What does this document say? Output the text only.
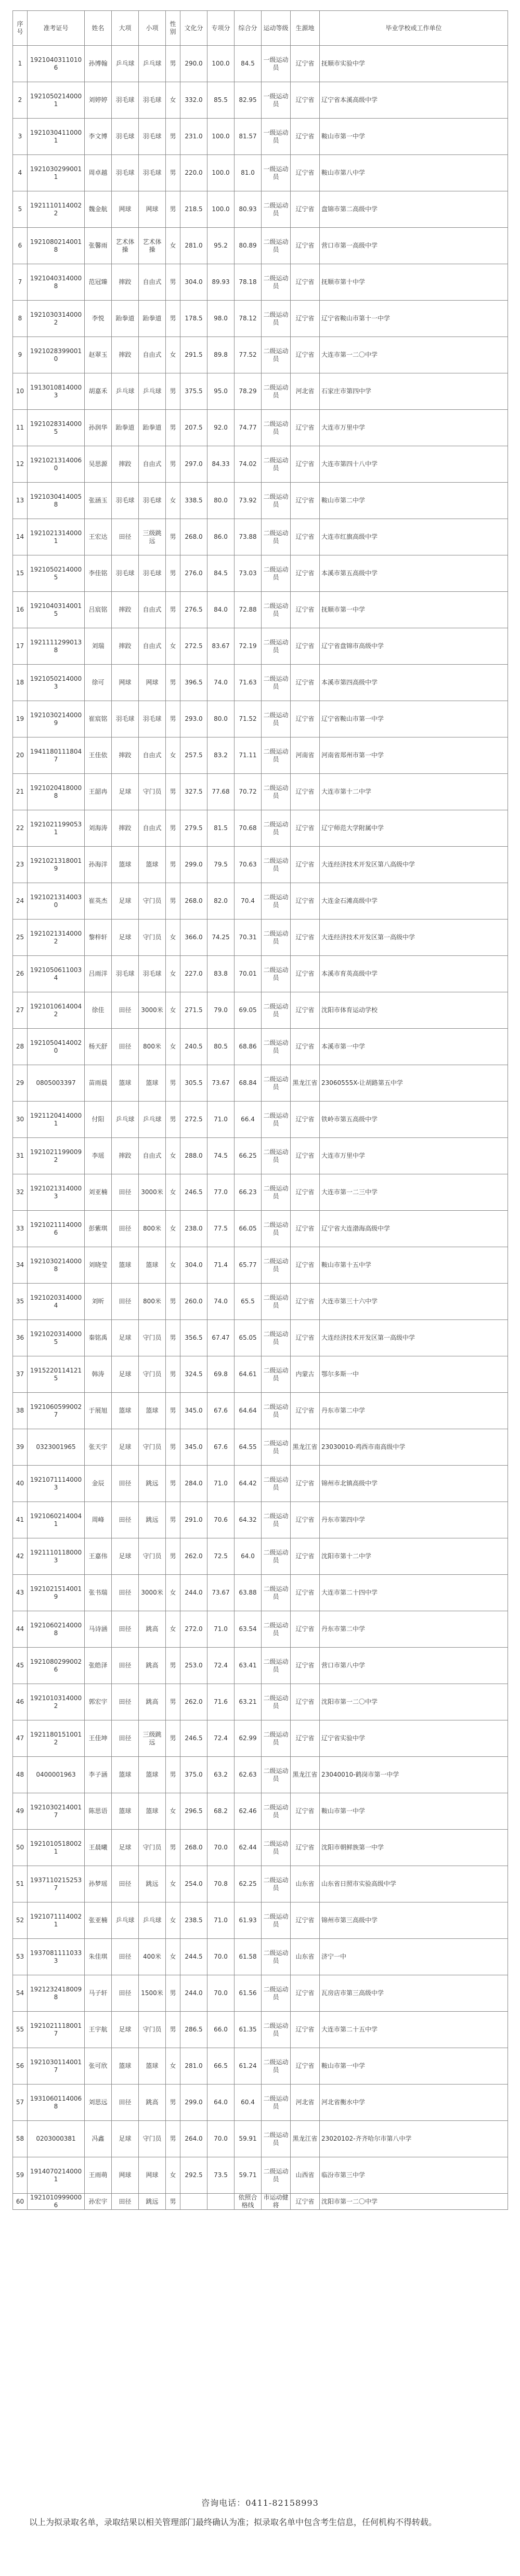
序号	准考证号	姓名	大项	小项	性别	文化分	专项分	综合分	运动等级	生源地	毕业学校或工作单位
1	19210403110106	孙博翰	乒乓球	乒乓球	男	290.0	100.0	84.5	一级运动员	辽宁省	抚顺市实验中学
2	19210502140001	刘婷婷	羽毛球	羽毛球	女	332.0	85.5	82.95	一级运动员	辽宁省	辽宁省本溪高级中学
3	19210304110001	李文博	羽毛球	羽毛球	男	231.0	100.0	81.57	一级运动员	辽宁省	鞍山市第一中学
4	19210302990011	周卓越	羽毛球	羽毛球	男	220.0	100.0	81.0	一级运动员	辽宁省	鞍山市第八中学
5	19211101140022	魏金航	网球	网球	男	218.5	100.0	80.93	二级运动员	辽宁省	盘锦市第二高级中学
6	19210802140018	张馨雨	艺术体操	艺术体操	女	281.0	95.2	80.89	二级运动员	辽宁省	营口市第一高级中学
7	19210403140008	范冠臻	摔跤	自由式	男	304.0	89.93	78.18	二级运动员	辽宁省	抚顺市第十中学
8	19210303140002	李悦	跆拳道	跆拳道	男	178.5	98.0	78.12	二级运动员	辽宁省	辽宁省鞍山市第十一中学
9	19210283990010	赵翠玉	摔跤	自由式	女	291.5	89.8	77.52	二级运动员	辽宁省	大连市第一二〇中学
10	19130108140003	胡嘉禾	乒乓球	乒乓球	男	375.5	95.0	78.29	二级运动员	河北省	石家庄市第四中学
11	19210283140005	孙润华	跆拳道	跆拳道	男	207.5	92.0	74.77	二级运动员	辽宁省	大连市万里中学
12	19210213140060	吴思源	摔跤	自由式	男	297.0	84.33	74.02	二级运动员	辽宁省	大连市第四十八中学
13	19210304140058	张涵玉	羽毛球	羽毛球	女	338.5	80.0	73.92	二级运动员	辽宁省	鞍山市第二中学
14	19210213140001	王宏达	田径	三级跳远	男	268.0	86.0	73.88	二级运动员	辽宁省	大连市红旗高级中学
15	19210502140005	李佳铭	羽毛球	羽毛球	男	276.0	84.5	73.03	二级运动员	辽宁省	本溪市第五高级中学
16	19210403140015	吕宸铭	摔跤	自由式	男	276.5	84.0	72.88	二级运动员	辽宁省	抚顺市第一中学
17	19211112990138	刘瑞	摔跤	自由式	女	272.5	83.67	72.19	二级运动员	辽宁省	辽宁省盘锦市高级中学
18	19210502140003	徐可	网球	网球	男	396.5	74.0	71.63	二级运动员	辽宁省	本溪市第四高级中学
19	19210302140009	崔宸铭	羽毛球	羽毛球	男	293.0	80.0	71.52	二级运动员	辽宁省	辽宁省鞍山市第一中学
20	19411801118047	王佳依	摔跤	自由式	女	257.5	83.2	71.11	二级运动员	河南省	河南省郑州市第一中学
21	19210204180008	王韶冉	足球	守门员	男	327.5	77.68	70.72	二级运动员	辽宁省	大连市第十二中学
22	19210211990531	刘海涛	摔跤	自由式	男	279.5	81.5	70.68	二级运动员	辽宁省	辽宁师范大学附属中学
23	19210213180019	孙海洋	篮球	篮球	男	299.0	79.5	70.63	二级运动员	辽宁省	大连经济技术开发区第八高级中学
24	19210213140030	崔英杰	足球	守门员	男	268.0	82.0	70.4	二级运动员	辽宁省	大连金石滩高级中学
25	19210213140002	黎梓轩	足球	守门员	女	366.0	74.25	70.31	二级运动员	辽宁省	大连经济技术开发区第一高级中学
26	19210506110034	吕雨洋	羽毛球	羽毛球	女	227.0	83.8	70.01	二级运动员	辽宁省	本溪市育英高级中学
27	19210106140042	徐佳	田径	3000米	女	271.5	79.0	69.05	二级运动员	辽宁省	沈阳市体育运动学校
28	19210504140020	杨天舒	田径	800米	女	240.5	80.5	68.86	二级运动员	辽宁省	本溪市第一中学
29	0805003397	苗雨晨	篮球	篮球	男	305.5	73.67	68.84	二级运动员	黑龙江省	23060555X-让胡路第五中学
30	19211204140001	付阳	乒乓球	乒乓球	男	272.5	71.0	66.4	二级运动员	辽宁省	铁岭市第五高级中学
31	19210211990092	李瑶	摔跤	自由式	女	288.0	74.5	66.25	二级运动员	辽宁省	大连市万里中学
32	19210213140003	刘亚楠	田径	3000米	女	246.5	77.0	66.23	二级运动员	辽宁省	大连市第一二三中学
33	19210211140006	彭紫琪	田径	800米	女	238.0	77.5	66.05	二级运动员	辽宁省	辽宁省大连渤海高级中学
34	19210302140008	刘晓莹	篮球	篮球	女	304.0	71.4	65.77	二级运动员	辽宁省	鞍山市第十五中学
35	19210203140004	刘昕	田径	800米	男	260.0	74.0	65.5	二级运动员	辽宁省	大连市第三十六中学
36	19210203140005	秦铭禹	足球	守门员	男	356.5	67.47	65.05	二级运动员	辽宁省	大连经济技术开发区第一高级中学
37	19152201141215	韩涛	足球	守门员	男	324.5	69.8	64.61	二级运动员	内蒙古	鄂尔多斯一中
38	19210605990027	于展旭	篮球	篮球	男	345.0	67.6	64.64	二级运动员	辽宁省	丹东市第二中学
39	0323001965	张天宇	足球	守门员	男	345.0	67.6	64.55	二级运动员	黑龙江省	23030010-鸡西市南高级中学
40	19210711140003	金辰	田径	跳远	男	284.0	71.0	64.42	二级运动员	辽宁省	锦州市北镇高级中学
41	19210602140041	周峰	田径	跳远	男	291.0	70.6	64.32	二级运动员	辽宁省	丹东市第四中学
42	19211101180003	王嘉伟	足球	守门员	男	262.0	72.5	64.0	二级运动员	辽宁省	沈阳市第十二中学
43	19210215140019	张书瑞	田径	3000米	女	244.0	73.67	63.88	二级运动员	辽宁省	大连市第二十四中学
44	19210602140008	马诗涵	田径	跳高	女	272.0	71.0	63.54	二级运动员	辽宁省	丹东市第二中学
45	19210802990026	张皓泽	田径	跳高	男	253.0	72.4	63.41	二级运动员	辽宁省	营口市第八中学
46	19210103140002	郭宏宇	田径	跳高	男	262.0	71.6	63.21	二级运动员	辽宁省	沈阳市第一二〇中学
47	19211801510012	王佳坤	田径	三级跳远	男	246.5	72.4	62.99	二级运动员	辽宁省	辽宁省实验中学
48	0400001963	李子涵	篮球	篮球	男	375.0	63.2	62.63	二级运动员	黑龙江省	23040010-鹤岗市第一中学
49	19210302140017	陈思语	篮球	篮球	女	296.5	68.2	62.46	二级运动员	辽宁省	鞍山市第一中学
50	19210105180021	王晨曦	足球	守门员	男	268.0	70.0	62.44	二级运动员	辽宁省	沈阳市朝鲜族第一中学
51	19371102152537	孙梦瑶	田径	跳远	女	254.0	70.8	62.25	二级运动员	山东省	山东省日照市实验高级中学
52	19210711140021	张亚楠	乒乓球	乒乓球	女	238.5	71.0	61.93	二级运动员	辽宁省	锦州市第三高级中学
53	19370811110333	朱佳琪	田径	400米	女	244.5	70.0	61.58	二级运动员	山东省	济宁一中
54	19212324180098	马子轩	田径	1500米	男	244.0	70.0	61.56	二级运动员	辽宁省	瓦房店市第三高级中学
55	19210211180017	王宇航	足球	守门员	男	286.5	66.0	61.35	二级运动员	辽宁省	大连市第二十五中学
56	19210301140017	张可欣	篮球	篮球	女	281.0	66.5	61.24	二级运动员	辽宁省	鞍山市第一中学
57	19310601140068	刘思远	田径	跳高	男	299.0	64.0	60.4	二级运动员	河北省	河北省衡水中学
58	0203000381	冯鑫	足球	守门员	男	264.0	70.0	59.91	二级运动员	黑龙江省	23020102-齐齐哈尔市第八中学
59	19140702140001	王雨萌	网球	网球	女	292.5	73.5	59.71	二级运动员	山西省	临汾市第三中学
60	19210109990006	孙宏宇	田径	跳远	男			依照合格线	市运动健将	辽宁省	沈阳市第一二〇中学
咨询电话：0411-82158993
以上为拟录取名单，录取结果以相关管理部门最终确认为准；拟录取名单中包含考生信息，任何机构不得转载。
